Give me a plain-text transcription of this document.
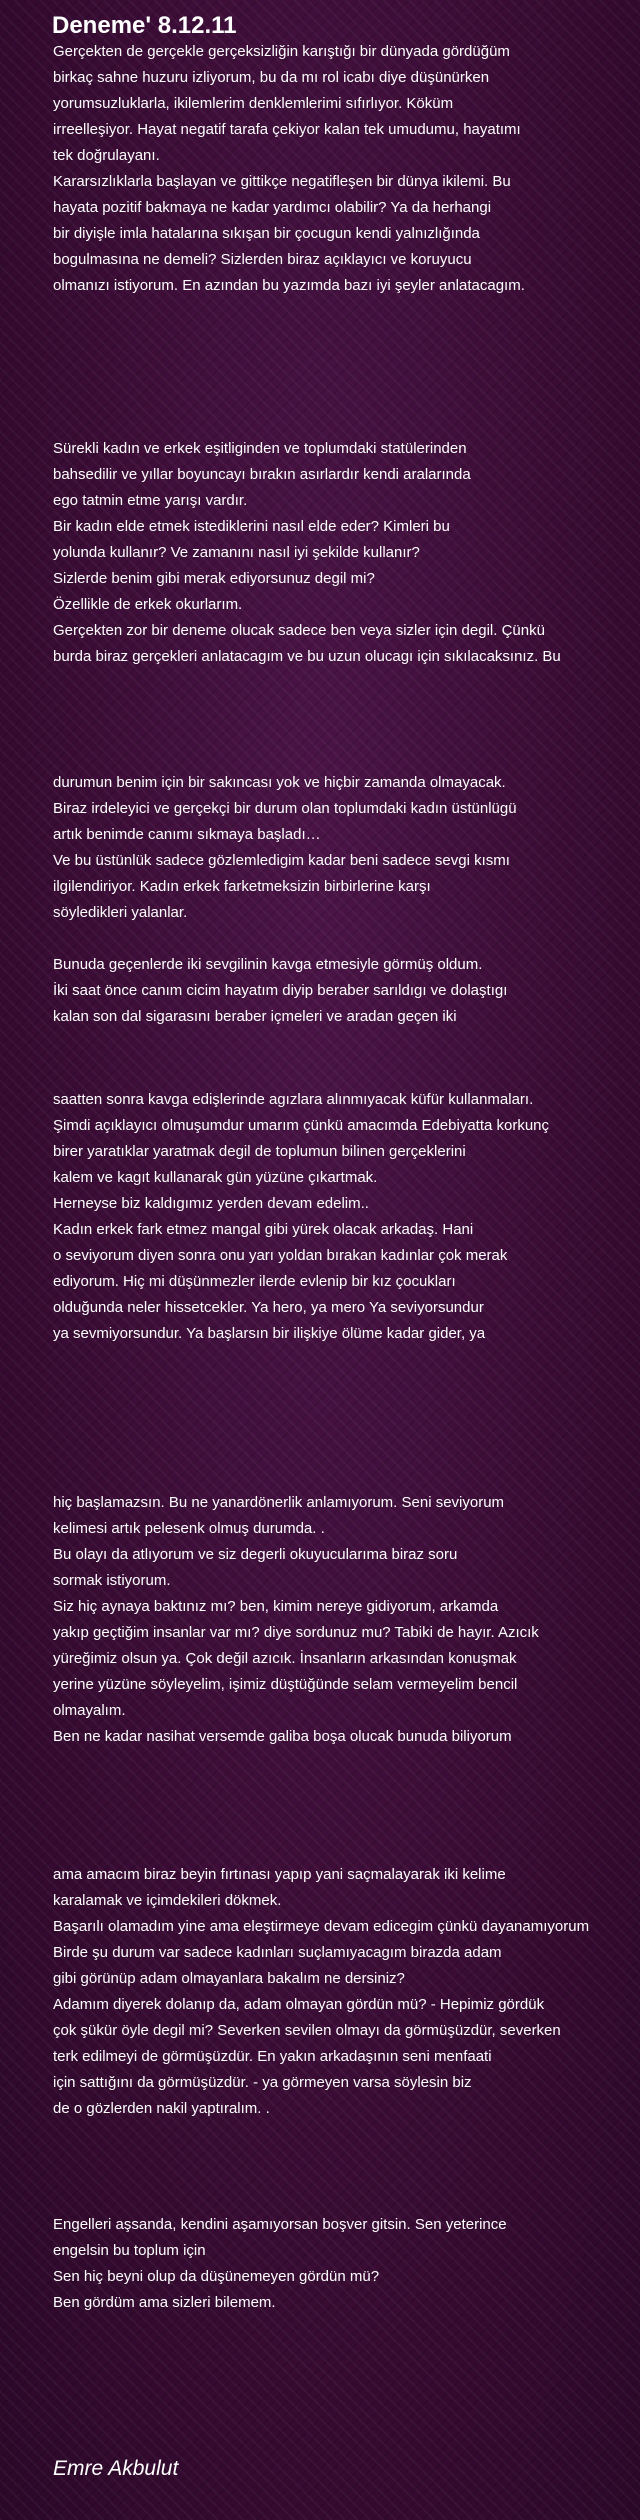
Deneme' 8.12.11
Gerçekten de gerçekle gerçeksizliğin karıştığı bir dünyada gördüğüm
birkaç sahne huzuru izliyorum, bu da mı rol icabı diye düşünürken
yorumsuzluklarla, ikilemlerim denklemlerimi sıfırlıyor. Köküm
irreelleşiyor. Hayat negatif tarafa çekiyor kalan tek umudumu, hayatımı
tek doğrulayanı.
Kararsızlıklarla başlayan ve gittikçe negatifleşen bir dünya ikilemi. Bu
hayata pozitif bakmaya ne kadar yardımcı olabilir? Ya da herhangi
bir diyişle imla hatalarına sıkışan bir çocugun kendi yalnızlığında
bogulmasına ne demeli? Sizlerden biraz açıklayıcı ve koruyucu
olmanızı istiyorum. En azından bu yazımda bazı iyi şeyler anlatacagım.
Sürekli kadın ve erkek eşitliginden ve toplumdaki statülerinden
bahsedilir ve yıllar boyuncayı bırakın asırlardır kendi aralarında
ego tatmin etme yarışı vardır.
Bir kadın elde etmek istediklerini nasıl elde eder? Kimleri bu
yolunda kullanır? Ve zamanını nasıl iyi şekilde kullanır?
Sizlerde benim gibi merak ediyorsunuz degil mi?
Özellikle de erkek okurlarım.
Gerçekten zor bir deneme olucak sadece ben veya sizler için degil. Çünkü
burda biraz gerçekleri anlatacagım ve bu uzun olucagı için sıkılacaksınız. Bu
durumun benim için bir sakıncası yok ve hiçbir zamanda olmayacak.
Biraz irdeleyici ve gerçekçi bir durum olan toplumdaki kadın üstünlügü
artık benimde canımı sıkmaya başladı…
Ve bu üstünlük sadece gözlemledigim kadar beni sadece sevgi kısmı
ilgilendiriyor. Kadın erkek farketmeksizin birbirlerine karşı
söyledikleri yalanlar.
Bunuda geçenlerde iki sevgilinin kavga etmesiyle görmüş oldum.
İki saat önce canım cicim hayatım diyip beraber sarıldıgı ve dolaştıgı
kalan son dal sigarasını beraber içmeleri ve aradan geçen iki
saatten sonra kavga edişlerinde agızlara alınmıyacak küfür kullanmaları.
Şimdi açıklayıcı olmuşumdur umarım çünkü amacımda Edebiyatta korkunç
birer yaratıklar yaratmak degil de toplumun bilinen gerçeklerini
kalem ve kagıt kullanarak gün yüzüne çıkartmak.
Herneyse biz kaldıgımız yerden devam edelim..
Kadın erkek fark etmez mangal gibi yürek olacak arkadaş. Hani
o seviyorum diyen sonra onu yarı yoldan bırakan kadınlar çok merak
ediyorum. Hiç mi düşünmezler ilerde evlenip bir kız çocukları
olduğunda neler hissetcekler. Ya hero, ya mero Ya seviyorsundur
ya sevmiyorsundur. Ya başlarsın bir ilişkiye ölüme kadar gider, ya
hiç başlamazsın. Bu ne yanardönerlik anlamıyorum. Seni seviyorum
kelimesi artık pelesenk olmuş durumda. .
Bu olayı da atlıyorum ve siz degerli okuyucularıma biraz soru
sormak istiyorum.
Siz hiç aynaya baktınız mı? ben, kimim nereye gidiyorum, arkamda
yakıp geçtiğim insanlar var mı? diye sordunuz mu? Tabiki de hayır. Azıcık
yüreğimiz olsun ya. Çok değil azıcık. İnsanların arkasından konuşmak
yerine yüzüne söyleyelim, işimiz düştüğünde selam vermeyelim bencil
olmayalım.
Ben ne kadar nasihat versemde galiba boşa olucak bunuda biliyorum
ama amacım biraz beyin fırtınası yapıp yani saçmalayarak iki kelime
karalamak ve içimdekileri dökmek.
Başarılı olamadım yine ama eleştirmeye devam edicegim çünkü dayanamıyorum
Birde şu durum var sadece kadınları suçlamıyacagım birazda adam
gibi görünüp adam olmayanlara bakalım ne dersiniz?
Adamım diyerek dolanıp da, adam olmayan gördün mü? - Hepimiz gördük
çok şükür öyle degil mi? Severken sevilen olmayı da görmüşüzdür, severken
terk edilmeyi de görmüşüzdür. En yakın arkadaşının seni menfaati
için sattığını da görmüşüzdür. - ya görmeyen varsa söylesin biz
de o gözlerden nakil yaptıralım. .
Engelleri aşsanda, kendini aşamıyorsan boşver gitsin. Sen yeterince
engelsin bu toplum için
Sen hiç beyni olup da düşünemeyen gördün mü?
Ben gördüm ama sizleri bilemem.
Emre Akbulut
